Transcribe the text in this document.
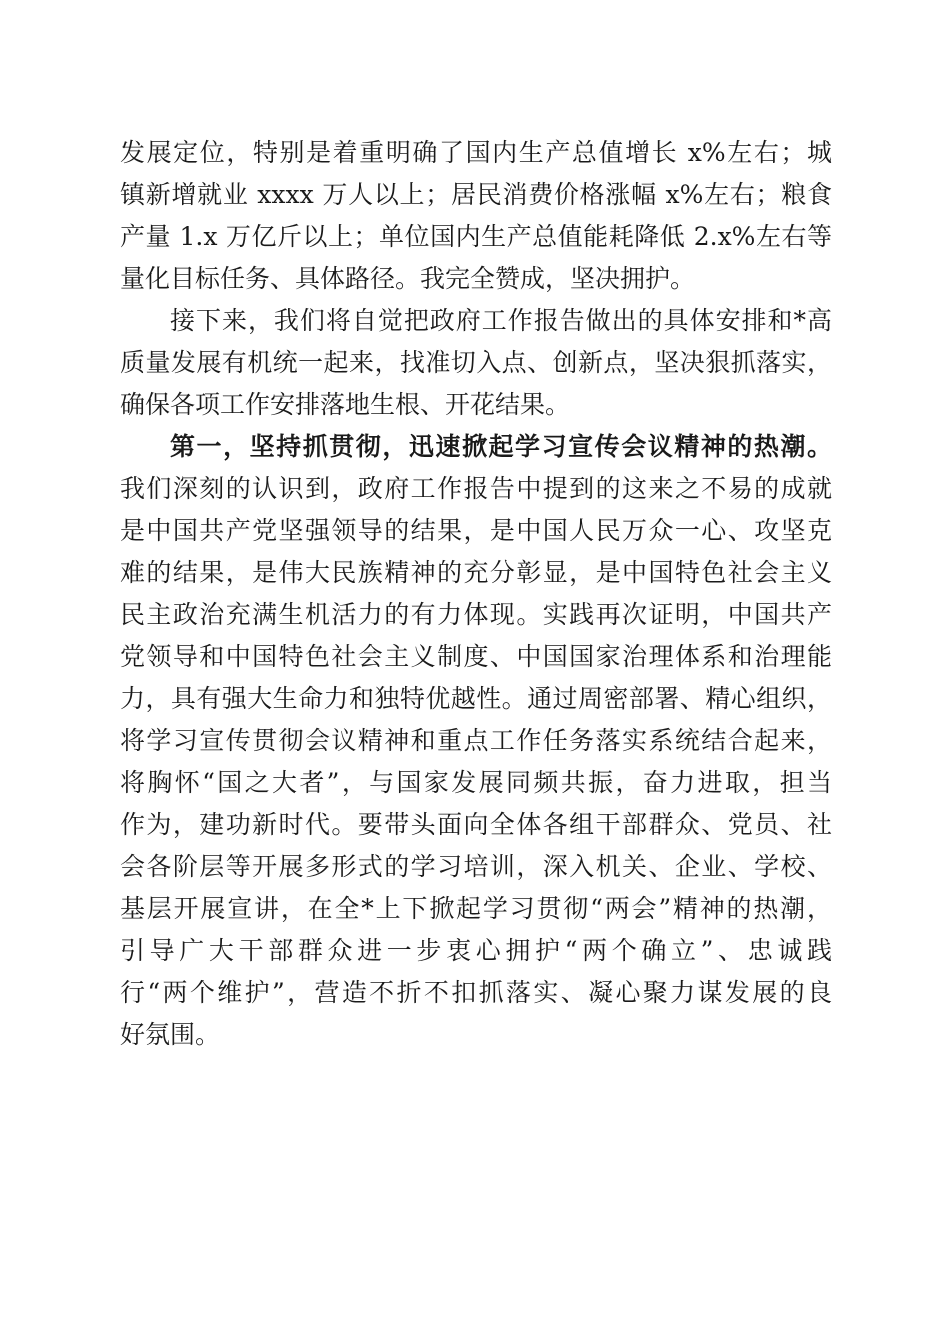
发展定位，特别是着重明确了国内生产总值增长 x%左右；城
镇新增就业 xxxx 万人以上；居民消费价格涨幅 x%左右；粮食
产量 1.x 万亿斤以上；单位国内生产总值能耗降低 2.x%左右等
量化目标任务、具体路径。我完全赞成，坚决拥护。
接下来，我们将自觉把政府工作报告做出的具体安排和*高
质量发展有机统一起来，找准切入点、创新点，坚决狠抓落实，
确保各项工作安排落地生根、开花结果。
第一，坚持抓贯彻，迅速掀起学习宣传会议精神的热潮。
我们深刻的认识到，政府工作报告中提到的这来之不易的成就
是中国共产党坚强领导的结果，是中国人民万众一心、攻坚克
难的结果，是伟大民族精神的充分彰显，是中国特色社会主义
民主政治充满生机活力的有力体现。实践再次证明，中国共产
党领导和中国特色社会主义制度、中国国家治理体系和治理能
力，具有强大生命力和独特优越性。通过周密部署、精心组织，
将学习宣传贯彻会议精神和重点工作任务落实系统结合起来，
将胸怀“国之大者”，与国家发展同频共振，奋力进取，担当
作为，建功新时代。要带头面向全体各组干部群众、党员、社
会各阶层等开展多形式的学习培训，深入机关、企业、学校、
基层开展宣讲，在全*上下掀起学习贯彻“两会”精神的热潮，
引导广大干部群众进一步衷心拥护“两个确立”、忠诚践
行“两个维护”，营造不折不扣抓落实、凝心聚力谋发展的良
好氛围。
